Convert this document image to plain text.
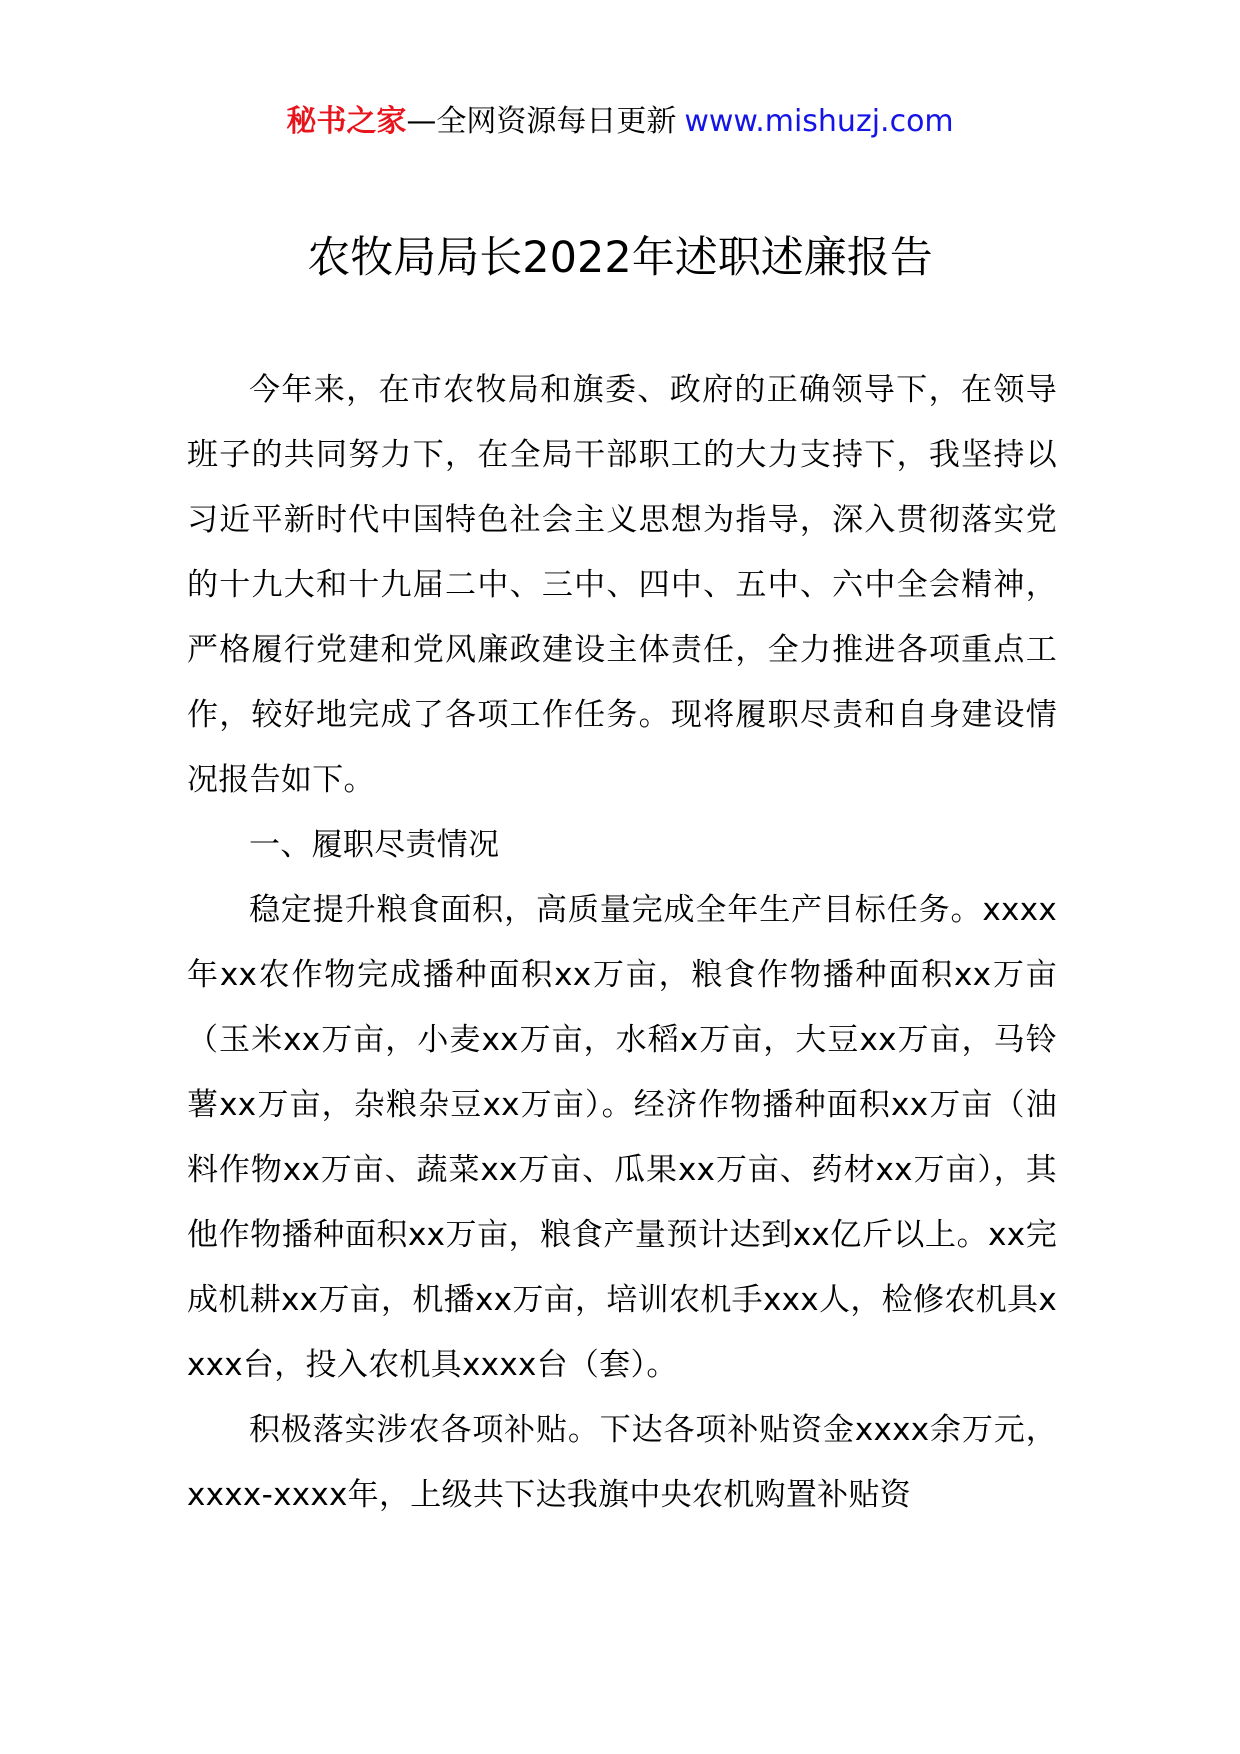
秘书之家—全网资源每日更新 www.mishuzj.com
农牧局局长2022年述职述廉报告

今年来，在市农牧局和旗委、政府的正确领导下，在领导班子的共同努力下，在全局干部职工的大力支持下，我坚持以习近平新时代中国特色社会主义思想为指导，深入贯彻落实党的十九大和十九届二中、三中、四中、五中、六中全会精神，严格履行党建和党风廉政建设主体责任，全力推进各项重点工作，较好地完成了各项工作任务。现将履职尽责和自身建设情况报告如下。

一、履职尽责情况

稳定提升粮食面积，高质量完成全年生产目标任务。xxxx年xx农作物完成播种面积xx万亩，粮食作物播种面积xx万亩（玉米xx万亩，小麦xx万亩，水稻x万亩，大豆xx万亩，马铃薯xx万亩，杂粮杂豆xx万亩）。经济作物播种面积xx万亩（油料作物xx万亩、蔬菜xx万亩、瓜果xx万亩、药材xx万亩），其他作物播种面积xx万亩，粮食产量预计达到xx亿斤以上。xx完成机耕xx万亩，机播xx万亩，培训农机手xxx人，检修农机具xxxx台，投入农机具xxxx台（套）。

积极落实涉农各项补贴。下达各项补贴资金xxxx余万元，xxxx-xxxx年，上级共下达我旗中央农机购置补贴资
